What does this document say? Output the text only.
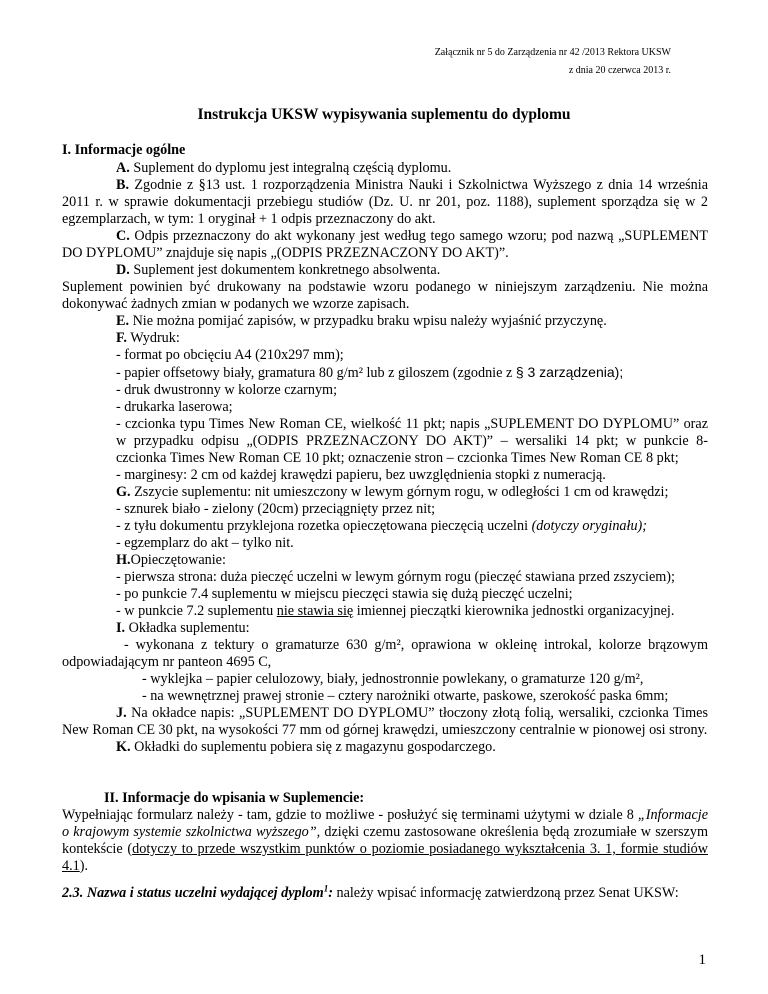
Załącznik nr 5 do Zarządzenia nr 42 /2013 Rektora UKSW
z dnia 20 czerwca 2013 r.
Instrukcja UKSW wypisywania suplementu do dyplomu
I. Informacje ogólne

A. Suplement do dyplomu jest integralną częścią dyplomu.

B. Zgodnie z §13 ust. 1 rozporządzenia Ministra Nauki i Szkolnictwa Wyższego z dnia 14 września 2011 r. w sprawie dokumentacji przebiegu studiów (Dz. U. nr 201, poz. 1188), suplement sporządza się w 2 egzemplarzach, w tym: 1 oryginał + 1 odpis przeznaczony do akt.

C. Odpis przeznaczony do akt wykonany jest według tego samego wzoru; pod nazwą „SUPLEMENT DO DYPLOMU” znajduje się napis „(ODPIS PRZEZNACZONY DO AKT)”.

D. Suplement jest dokumentem konkretnego absolwenta.

Suplement powinien być drukowany na podstawie wzoru podanego w niniejszym zarządzeniu. Nie można dokonywać żadnych zmian w podanych we wzorze zapisach.

E. Nie można pomijać zapisów, w przypadku braku wpisu należy wyjaśnić przyczynę.

F. Wydruk:

- format po obcięciu A4 (210x297 mm);

- papier offsetowy biały, gramatura 80 g/m² lub z giloszem (zgodnie z § 3 zarządzenia);

- druk dwustronny w kolorze czarnym;

- drukarka laserowa;

- czcionka typu Times New Roman CE, wielkość 11 pkt; napis „SUPLEMENT DO DYPLOMU” oraz w przypadku odpisu „(ODPIS PRZEZNACZONY DO AKT)” – wersaliki 14 pkt; w punkcie 8- czcionka Times New Roman CE 10 pkt; oznaczenie stron – czcionka Times New Roman CE 8 pkt;

- marginesy: 2 cm od każdej krawędzi papieru, bez uwzględnienia stopki z numeracją.

G. Zszycie suplementu: nit umieszczony w lewym górnym rogu, w odległości 1 cm od krawędzi;

- sznurek biało - zielony (20cm) przeciągnięty przez nit;

- z tyłu dokumentu przyklejona rozetka opieczętowana pieczęcią uczelni (dotyczy oryginału);

- egzemplarz do akt – tylko nit.

H.Opieczętowanie:

- pierwsza strona: duża pieczęć uczelni w lewym górnym rogu (pieczęć stawiana przed zszyciem);

- po punkcie 7.4 suplementu w miejscu pieczęci stawia się dużą pieczęć uczelni;

- w punkcie 7.2 suplementu nie stawia się imiennej pieczątki kierownika jednostki organizacyjnej.

I. Okładka suplementu:

- wykonana z tektury o gramaturze 630 g/m², oprawiona w okleinę introkal, kolorze brązowym odpowiadającym nr panteon 4695 C,

- wyklejka – papier celulozowy, biały, jednostronnie powlekany, o gramaturze 120 g/m²,

- na wewnętrznej prawej stronie – cztery narożniki otwarte, paskowe, szerokość paska 6mm;

J. Na okładce napis: „SUPLEMENT DO DYPLOMU” tłoczony złotą folią, wersaliki, czcionka Times New Roman CE 30 pkt, na wysokości 77 mm od górnej krawędzi, umieszczony centralnie w pionowej osi strony.

K. Okładki do suplementu pobiera się z magazynu gospodarczego.

II. Informacje do wpisania w Suplemencie:

Wypełniając formularz należy - tam, gdzie to możliwe - posłużyć się terminami użytymi w dziale 8 „Informacje o krajowym systemie szkolnictwa wyższego”, dzięki czemu zastosowane określenia będą zrozumiałe w szerszym kontekście (dotyczy to przede wszystkim punktów o poziomie posiadanego wykształcenia 3. 1, formie studiów 4.1).

2.3. Nazwa i status uczelni wydającej dyplom$^1$: należy wpisać informację zatwierdzoną przez Senat UKSW:

1
